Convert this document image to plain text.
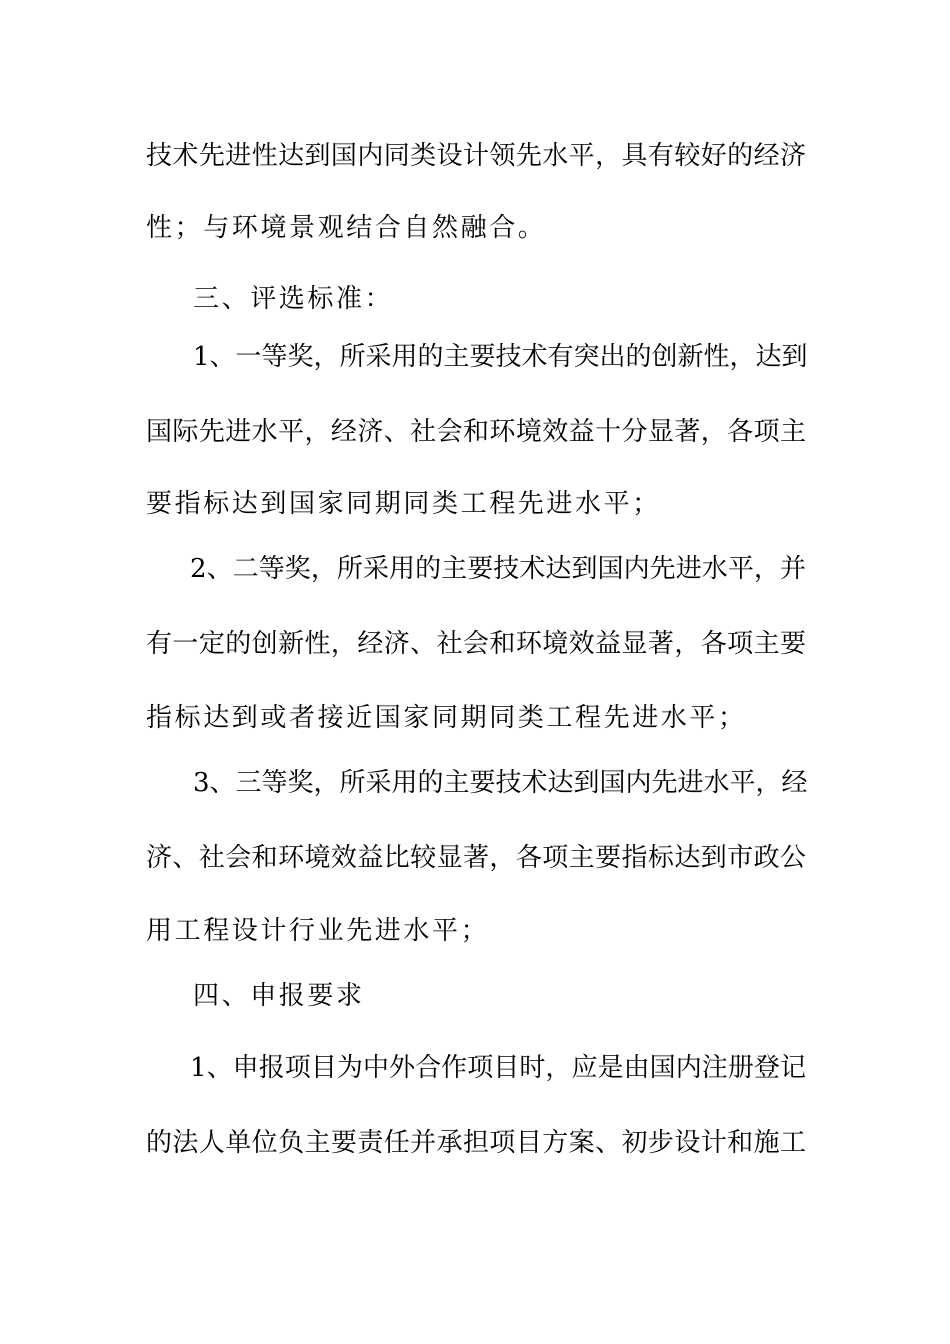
技术先进性达到国内同类设计领先水平，具有较好的经济
性；与环境景观结合自然融合。
三、评选标准：
1、一等奖，所采用的主要技术有突出的创新性，达到
国际先进水平，经济、社会和环境效益十分显著，各项主
要指标达到国家同期同类工程先进水平；
2、二等奖，所采用的主要技术达到国内先进水平，并
有一定的创新性，经济、社会和环境效益显著，各项主要
指标达到或者接近国家同期同类工程先进水平；
3、三等奖，所采用的主要技术达到国内先进水平，经
济、社会和环境效益比较显著，各项主要指标达到市政公
用工程设计行业先进水平；
四、申报要求
1、申报项目为中外合作项目时，应是由国内注册登记
的法人单位负主要责任并承担项目方案、初步设计和施工
